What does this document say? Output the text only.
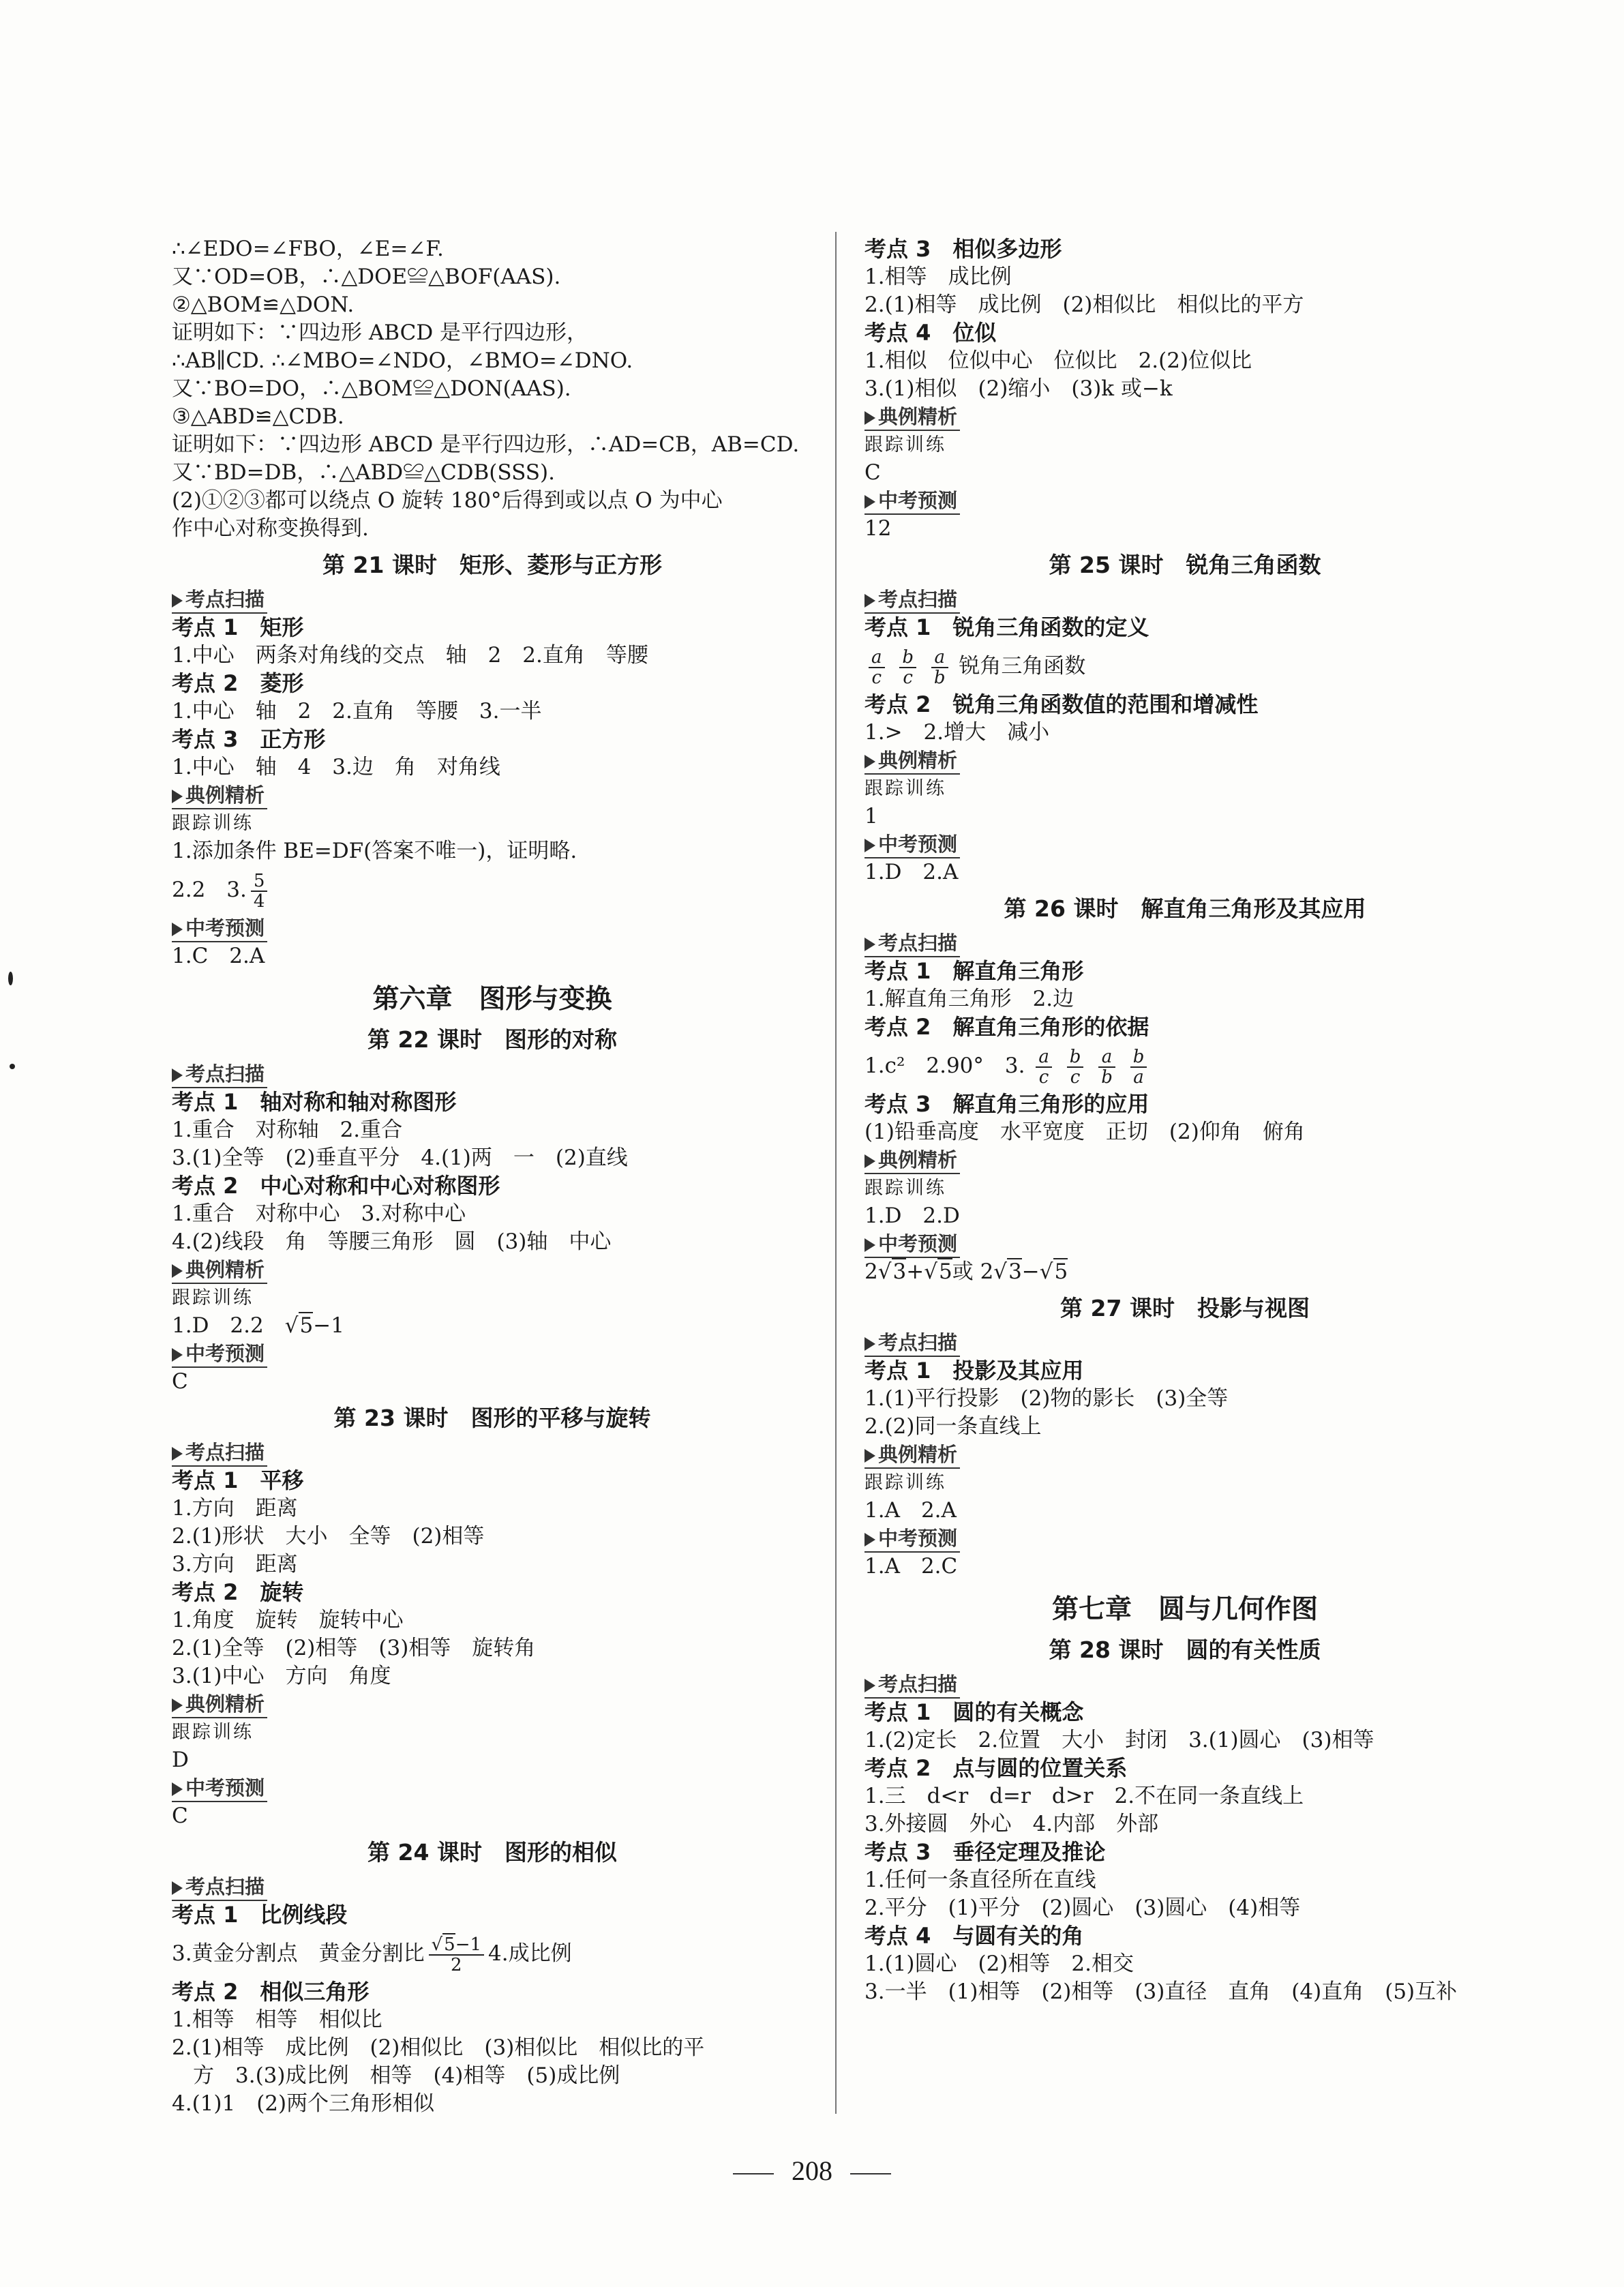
∴∠EDO=∠FBO，∠E=∠F.
又∵OD=OB，∴△DOE≌△BOF(AAS).
②△BOM≌△DON.
证明如下：∵四边形 ABCD 是平行四边形，
∴AB∥CD. ∴∠MBO=∠NDO，∠BMO=∠DNO.
又∵BO=DO，∴△BOM≌△DON(AAS).
③△ABD≌△CDB.
证明如下：∵四边形 ABCD 是平行四边形，∴AD=CB，AB=CD.
又∵BD=DB，∴△ABD≌△CDB(SSS).
(2)①②③都可以绕点 O 旋转 180°后得到或以点 O 为中心
作中心对称变换得到.
第 21 课时　矩形、菱形与正方形
考点扫描
考点 1　矩形
1.中心　两条对角线的交点　轴　2　2.直角　等腰
考点 2　菱形
1.中心　轴　2　2.直角　等腰　3.一半
考点 3　正方形
1.中心　轴　4　3.边　角　对角线
典例精析
跟踪训练
1.添加条件 BE=DF(答案不唯一)，证明略.
2.2　3. $\frac{5}{4}$
中考预测
1.C　2.A
第六章　图形与变换
第 22 课时　图形的对称
考点扫描
考点 1　轴对称和轴对称图形
1.重合　对称轴　2.重合
3.(1)全等　(2)垂直平分　4.(1)两　一　(2)直线
考点 2　中心对称和中心对称图形
1.重合　对称中心　3.对称中心
4.(2)线段　角　等腰三角形　圆　(3)轴　中心
典例精析
跟踪训练
1.D　2.2　√5−1
中考预测
C
第 23 课时　图形的平移与旋转
考点扫描
考点 1　平移
1.方向　距离
2.(1)形状　大小　全等　(2)相等
3.方向　距离
考点 2　旋转
1.角度　旋转　旋转中心
2.(1)全等　(2)相等　(3)相等　旋转角
3.(1)中心　方向　角度
典例精析
跟踪训练
D
中考预测
C
第 24 课时　图形的相似
考点扫描
考点 1　比例线段
3.黄金分割点　黄金分割比 $\frac{√5-1}{2} 4$.成比例
考点 2　相似三角形
1.相等　相等　相似比
2.(1)相等　成比例　(2)相似比　(3)相似比　相似比的平
　方　3.(3)成比例　相等　(4)相等　(5)成比例
4.(1)1　(2)两个三角形相似
考点 3　相似多边形
1.相等　成比例
2.(1)相等　成比例　(2)相似比　相似比的平方
考点 4　位似
1.相似　位似中心　位似比　2.(2)位似比
3.(1)相似　(2)缩小　(3)k 或−k
典例精析
跟踪训练
C
中考预测
12
第 25 课时　锐角三角函数
考点扫描
考点 1　锐角三角函数的定义
$\frac{a}{c}$
$\frac{b}{c}$
$\frac{a}{b}$ 锐角三角函数
考点 2　锐角三角函数值的范围和增减性
1.>　2.增大　减小
典例精析
跟踪训练
1
中考预测
1.D　2.A
第 26 课时　解直角三角形及其应用
考点扫描
考点 1　解直角三角形
1.解直角三角形　2.边
考点 2　解直角三角形的依据
1.c²　2.90°　3. $\frac{a}{c}$
$\frac{b}{c}$
$\frac{a}{b}$
$\frac{b}{a}$
考点 3　解直角三角形的应用
(1)铅垂高度　水平宽度　正切　(2)仰角　俯角
典例精析
跟踪训练
1.D　2.D
中考预测
2√3+√5或 2√3−√5
第 27 课时　投影与视图
考点扫描
考点 1　投影及其应用
1.(1)平行投影　(2)物的影长　(3)全等
2.(2)同一条直线上
典例精析
跟踪训练
1.A　2.A
中考预测
1.A　2.C
第七章　圆与几何作图
第 28 课时　圆的有关性质
考点扫描
考点 1　圆的有关概念
1.(2)定长　2.位置　大小　封闭　3.(1)圆心　(3)相等
考点 2　点与圆的位置关系
1.三　d<r　d=r　d>r　2.不在同一条直线上
3.外接圆　外心　4.内部　外部
考点 3　垂径定理及推论
1.任何一条直径所在直线
2.平分　(1)平分　(2)圆心　(3)圆心　(4)相等
考点 4　与圆有关的角
1.(1)圆心　(2)相等　2.相交
3.一半　(1)相等　(2)相等　(3)直径　直角　(4)直角　(5)互补
208
